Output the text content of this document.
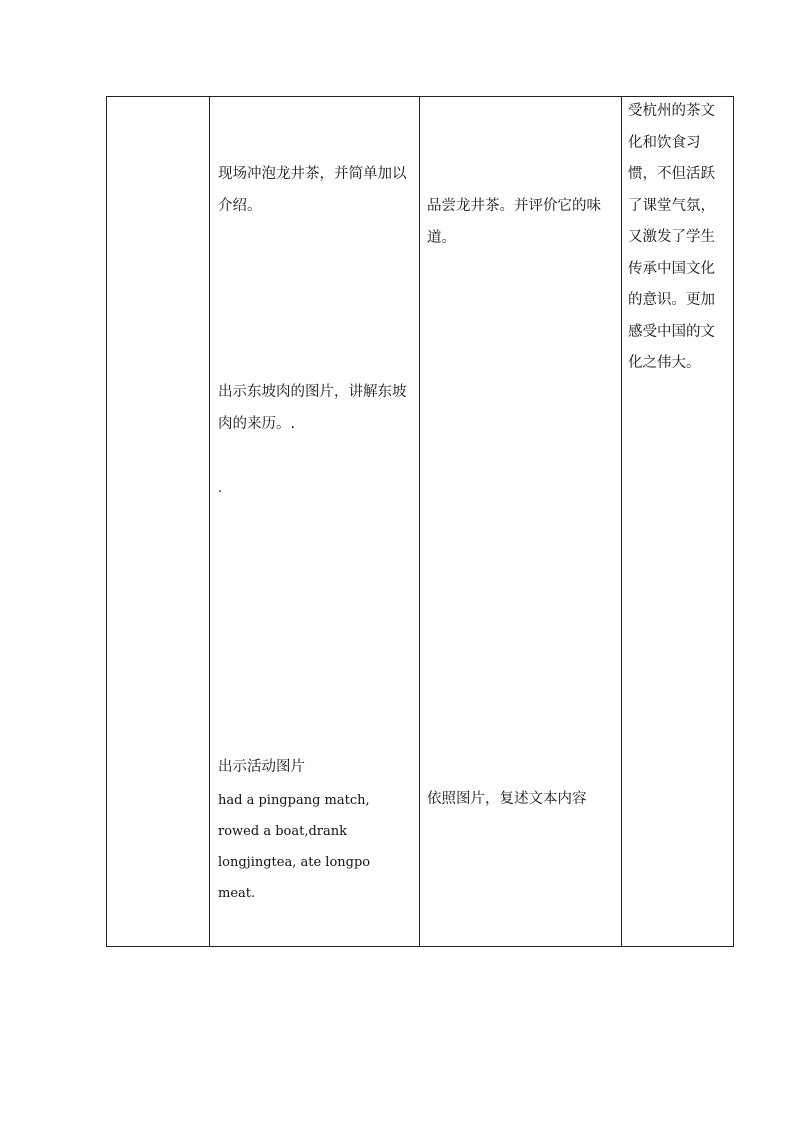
现场冲泡龙井茶，并简单加以介绍。
出示东坡肉的图片，讲解东坡肉的来历。.
.
出示活动图片

had a pingpang match,

rowed a boat,drank

longjingtea, ate longpo

meat.

品尝龙井茶。并评价它的味道。
依照图片，复述文本内容
受杭州的茶文化和饮食习惯，不但活跃了课堂气氛，又激发了学生传承中国文化的意识。更加感受中国的文化之伟大。
